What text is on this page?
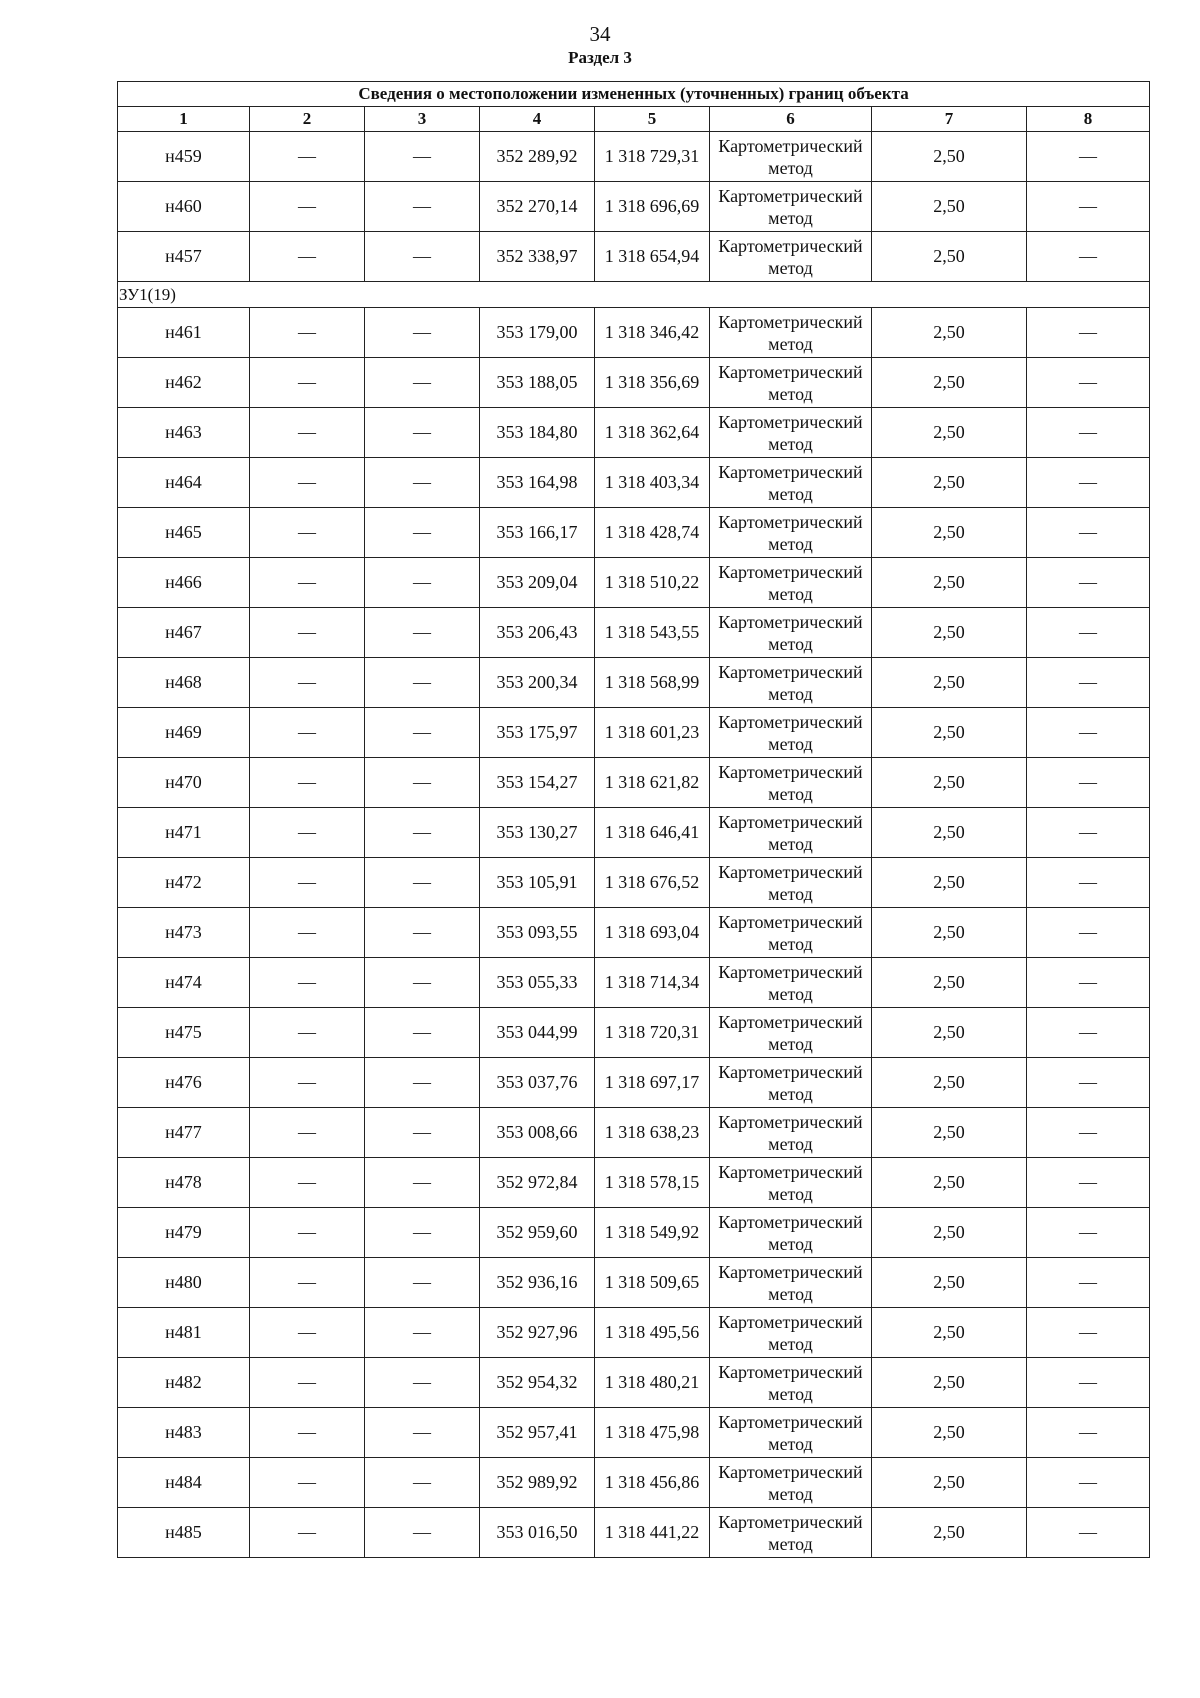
34
Раздел 3
Сведения о местоположении измененных (уточненных) границ объекта							
1	2	3	4	5	6	7	8
н459	—	—	352 289,92	1 318 729,31	Картометрический метод	2,50	—
н460	—	—	352 270,14	1 318 696,69	Картометрический метод	2,50	—
н457	—	—	352 338,97	1 318 654,94	Картометрический метод	2,50	—
ЗУ1(19)							
н461	—	—	353 179,00	1 318 346,42	Картометрический метод	2,50	—
н462	—	—	353 188,05	1 318 356,69	Картометрический метод	2,50	—
н463	—	—	353 184,80	1 318 362,64	Картометрический метод	2,50	—
н464	—	—	353 164,98	1 318 403,34	Картометрический метод	2,50	—
н465	—	—	353 166,17	1 318 428,74	Картометрический метод	2,50	—
н466	—	—	353 209,04	1 318 510,22	Картометрический метод	2,50	—
н467	—	—	353 206,43	1 318 543,55	Картометрический метод	2,50	—
н468	—	—	353 200,34	1 318 568,99	Картометрический метод	2,50	—
н469	—	—	353 175,97	1 318 601,23	Картометрический метод	2,50	—
н470	—	—	353 154,27	1 318 621,82	Картометрический метод	2,50	—
н471	—	—	353 130,27	1 318 646,41	Картометрический метод	2,50	—
н472	—	—	353 105,91	1 318 676,52	Картометрический метод	2,50	—
н473	—	—	353 093,55	1 318 693,04	Картометрический метод	2,50	—
н474	—	—	353 055,33	1 318 714,34	Картометрический метод	2,50	—
н475	—	—	353 044,99	1 318 720,31	Картометрический метод	2,50	—
н476	—	—	353 037,76	1 318 697,17	Картометрический метод	2,50	—
н477	—	—	353 008,66	1 318 638,23	Картометрический метод	2,50	—
н478	—	—	352 972,84	1 318 578,15	Картометрический метод	2,50	—
н479	—	—	352 959,60	1 318 549,92	Картометрический метод	2,50	—
н480	—	—	352 936,16	1 318 509,65	Картометрический метод	2,50	—
н481	—	—	352 927,96	1 318 495,56	Картометрический метод	2,50	—
н482	—	—	352 954,32	1 318 480,21	Картометрический метод	2,50	—
н483	—	—	352 957,41	1 318 475,98	Картометрический метод	2,50	—
н484	—	—	352 989,92	1 318 456,86	Картометрический метод	2,50	—
н485	—	—	353 016,50	1 318 441,22	Картометрический метод	2,50	—
